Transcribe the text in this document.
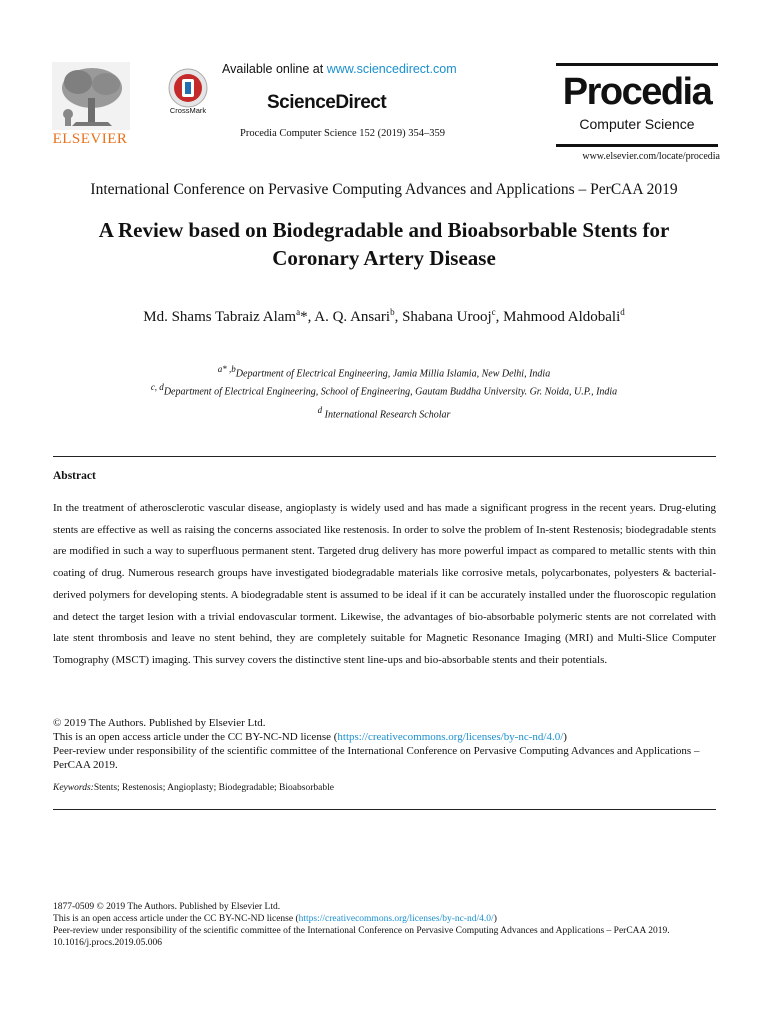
ELSEVIER
CrossMark
Available online at www.sciencedirect.com
ScienceDirect
Procedia Computer Science 152 (2019) 354–359
Procedia
Computer Science
www.elsevier.com/locate/procedia
International Conference on Pervasive Computing Advances and Applications – PerCAA 2019
A Review based on Biodegradable and Bioabsorbable Stents for
Coronary Artery Disease
Md. Shams Tabraiz Alam$^a$*, A. Q. Ansari$^b$, Shabana Urooj$^c$, Mahmood Aldobali$^d$
$^{a* ,b}$Department of Electrical Engineering, Jamia Millia Islamia, New Delhi, India
$^{c, d}$Department of Electrical Engineering, School of Engineering, Gautam Buddha University. Gr. Noida, U.P., India
$^d$ International Research Scholar
Abstract
In the treatment of atherosclerotic vascular disease, angioplasty is widely used and has made a significant progress in the recent years. Drug-eluting stents are effective as well as raising the concerns associated like restenosis. In order to solve the problem of In-stent Restenosis; biodegradable stents are modified in such a way to superfluous permanent stent. Targeted drug delivery has more powerful impact as compared to metallic stents with thin coating of drug. Numerous research groups have investigated biodegradable materials like corrosive metals, polycarbonates, polyesters & bacterial-derived polymers for developing stents. A biodegradable stent is assumed to be ideal if it can be accurately installed under the fluoroscopic regulation and detect the target lesion with a trivial endovascular torment. Likewise, the advantages of bio-absorbable polymeric stents are not correlated with late stent thrombosis and leave no stent behind, they are completely suitable for Magnetic Resonance Imaging (MRI) and Multi-Slice Computer Tomography (MSCT) imaging. This survey covers the distinctive stent line-ups and bio-absorbable stents and their potentials.
© 2019 The Authors. Published by Elsevier Ltd.
This is an open access article under the CC BY-NC-ND license (https://creativecommons.org/licenses/by-nc-nd/4.0/)
Peer-review under responsibility of the scientific committee of the International Conference on Pervasive Computing Advances and Applications – PerCAA 2019.
Keywords:Stents; Restenosis; Angioplasty; Biodegradable; Bioabsorbable
1877-0509 © 2019 The Authors. Published by Elsevier Ltd.
This is an open access article under the CC BY-NC-ND license (https://creativecommons.org/licenses/by-nc-nd/4.0/)
Peer-review under responsibility of the scientific committee of the International Conference on Pervasive Computing Advances and Applications – PerCAA 2019.
10.1016/j.procs.2019.05.006
